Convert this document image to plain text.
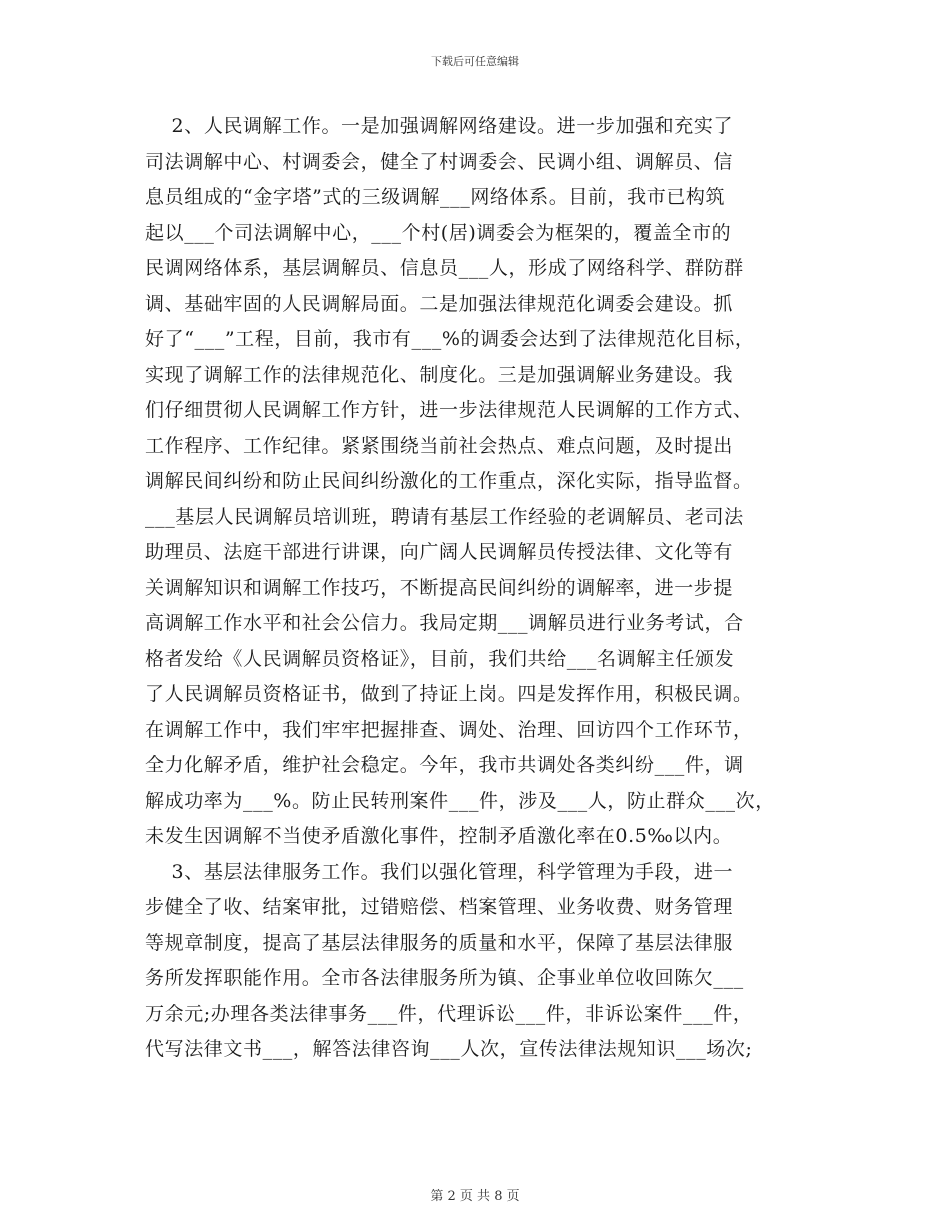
下载后可任意编辑
2、人民调解工作。一是加强调解网络建设。进一步加强和充实了
司法调解中心、村调委会，健全了村调委会、民调小组、调解员、信
息员组成的“金字塔”式的三级调解___网络体系。目前，我市已构筑
起以___个司法调解中心，___个村(居)调委会为框架的，覆盖全市的
民调网络体系，基层调解员、信息员___人，形成了网络科学、群防群
调、基础牢固的人民调解局面。二是加强法律规范化调委会建设。抓
好了“___”工程，目前，我市有___%的调委会达到了法律规范化目标，
实现了调解工作的法律规范化、制度化。三是加强调解业务建设。我
们仔细贯彻人民调解工作方针，进一步法律规范人民调解的工作方式、
工作程序、工作纪律。紧紧围绕当前社会热点、难点问题，及时提出
调解民间纠纷和防止民间纠纷激化的工作重点，深化实际，指导监督。
___基层人民调解员培训班，聘请有基层工作经验的老调解员、老司法
助理员、法庭干部进行讲课，向广阔人民调解员传授法律、文化等有
关调解知识和调解工作技巧，不断提高民间纠纷的调解率，进一步提
高调解工作水平和社会公信力。我局定期___调解员进行业务考试，合
格者发给《人民调解员资格证》，目前，我们共给___名调解主任颁发
了人民调解员资格证书，做到了持证上岗。四是发挥作用，积极民调。
在调解工作中，我们牢牢把握排查、调处、治理、回访四个工作环节，
全力化解矛盾，维护社会稳定。今年，我市共调处各类纠纷___件，调
解成功率为___%。防止民转刑案件___件，涉及___人，防止群众___次，
未发生因调解不当使矛盾激化事件，控制矛盾激化率在0.5‰以内。
3、基层法律服务工作。我们以强化管理，科学管理为手段，进一
步健全了收、结案审批，过错赔偿、档案管理、业务收费、财务管理
等规章制度，提高了基层法律服务的质量和水平，保障了基层法律服
务所发挥职能作用。全市各法律服务所为镇、企事业单位收回陈欠___
万余元;办理各类法律事务___件，代理诉讼___件，非诉讼案件___件，
代写法律文书___，解答法律咨询___人次，宣传法律法规知识___场次;
第 2 页 共 8 页
